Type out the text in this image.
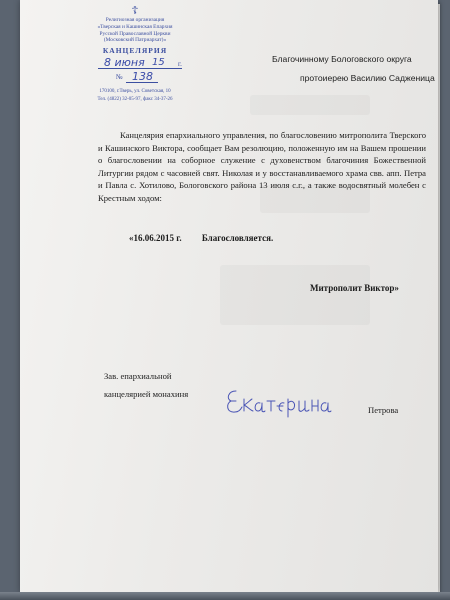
☦
Религиозная организация
«Тверская и Кашинская Епархия
Русской Православной Церкви
(Московский Патриархат)»
КАНЦЕЛЯРИЯ
8 июня 15 г.
№ 138
170100, г.Тверь, ул. Советская, 10
Тел. (4822) 32-05-97, факс 34-37-26
Благочинному Бологовского округа
протоиерею Василию Садженица

Канцелярия епархиального управления, по благословению митрополита Тверского и Кашинского Виктора, сообщает Вам резолюцию, положенную им на Вашем прошении о благословении на соборное служение с духовенством благочиния Божественной Литургии рядом с часовней свят. Николая и у восстанавливаемого храма свв. апп. Петра и Павла с. Хотилово, Бологовского района 13 июля с.г., а также водосвятный молебен с Крестным ходом:

«16.06.2015 г. Благословляется.
Митрополит Виктор»
Зав. епархиальной
канцелярией монахиня
Петрова
